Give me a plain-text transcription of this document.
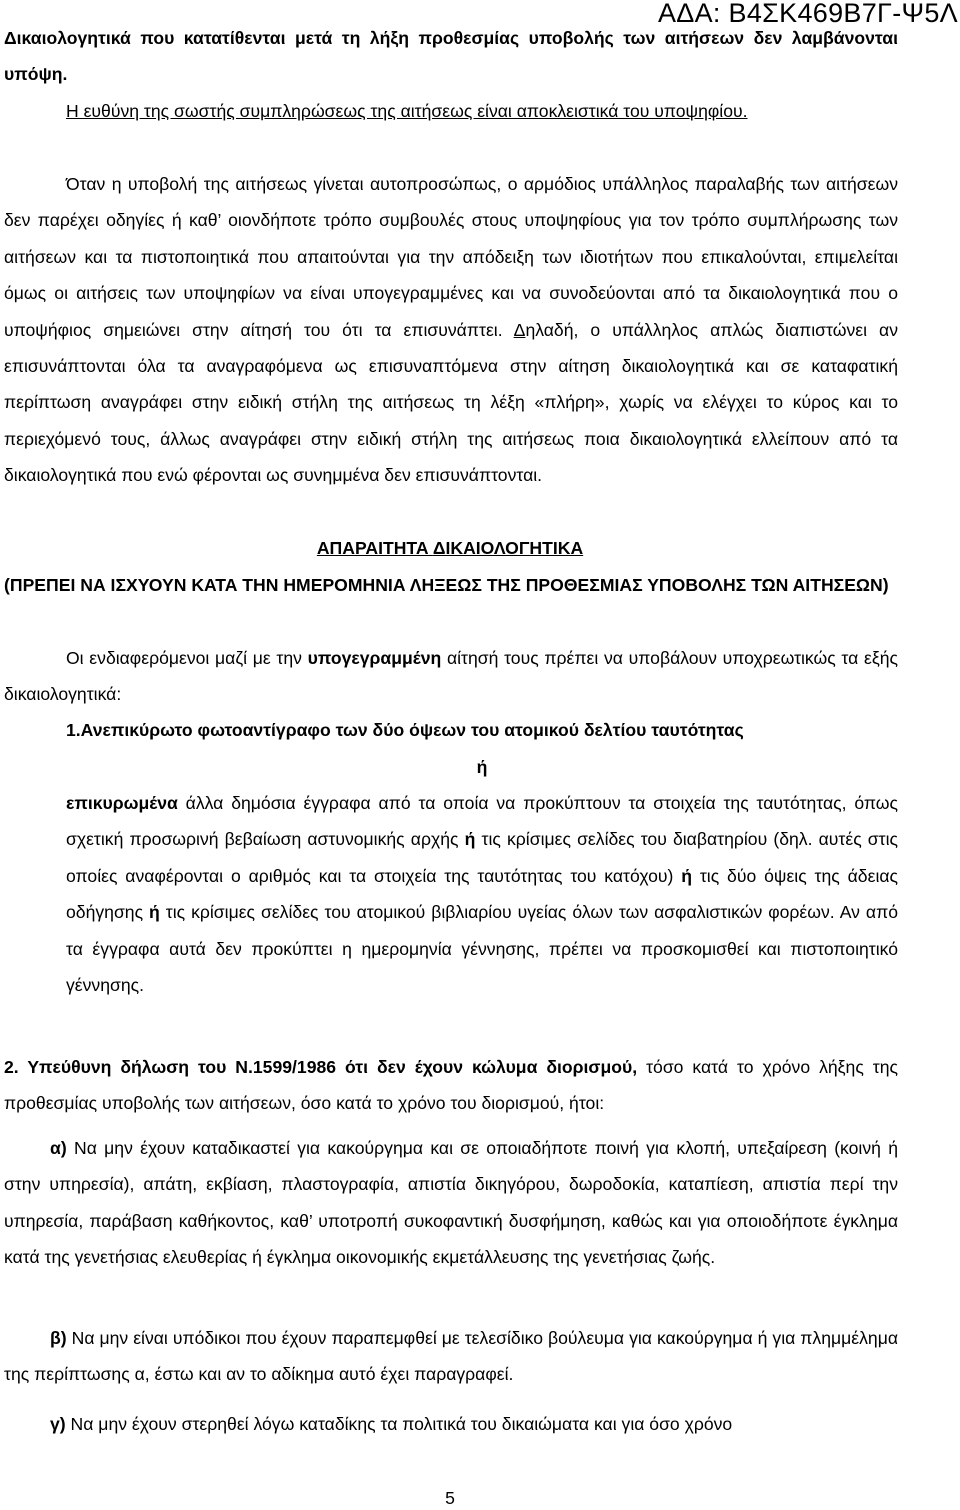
ΑΔΑ: Β4ΣΚ469Β7Γ-Ψ5Λ

Δικαιολογητικά που κατατίθενται μετά τη λήξη προθεσμίας υποβολής των αιτήσεων δεν λαμβάνονται υπόψη.

Η ευθύνη της σωστής συμπληρώσεως της αιτήσεως είναι αποκλειστικά του υποψηφίου.

Όταν η υποβολή της αιτήσεως γίνεται αυτοπροσώπως, ο αρμόδιος υπάλληλος παραλαβής των αιτήσεων δεν παρέχει οδηγίες ή καθ’ οιονδήποτε τρόπο συμβουλές στους υποψηφίους για τον τρόπο συμπλήρωσης των αιτήσεων και τα πιστοποιητικά που απαιτούνται για την απόδειξη των ιδιοτήτων που επικαλούνται, επιμελείται όμως οι αιτήσεις των υποψηφίων να είναι υπογεγραμμένες και να συνοδεύονται από τα δικαιολογητικά που ο υποψήφιος σημειώνει στην αίτησή του ότι τα επισυνάπτει. Δηλαδή, ο υπάλληλος απλώς διαπιστώνει αν επισυνάπτονται όλα τα αναγραφόμενα ως επισυναπτόμενα στην αίτηση δικαιολογητικά και σε καταφατική περίπτωση αναγράφει στην ειδική στήλη της αιτήσεως τη λέξη «πλήρη», χωρίς να ελέγχει το κύρος και το περιεχόμενό τους, άλλως αναγράφει στην ειδική στήλη της αιτήσεως ποια δικαιολογητικά ελλείπουν από τα δικαιολογητικά που ενώ φέρονται ως συνημμένα δεν επισυνάπτονται.

ΑΠΑΡΑΙΤΗΤΑ ΔΙΚΑΙΟΛΟΓΗΤΙΚΑ

(ΠΡΕΠΕΙ ΝΑ ΙΣΧΥΟΥΝ ΚΑΤΑ ΤΗΝ ΗΜΕΡΟΜΗΝΙΑ ΛΗΞΕΩΣ ΤΗΣ ΠΡΟΘΕΣΜΙΑΣ ΥΠΟΒΟΛΗΣ ΤΩΝ ΑΙΤΗΣΕΩΝ)

Οι ενδιαφερόμενοι μαζί με την υπογεγραμμένη αίτησή τους πρέπει να υποβάλουν υποχρεωτικώς τα εξής δικαιολογητικά:

1.Ανεπικύρωτο φωτοαντίγραφο των δύο όψεων του ατομικού δελτίου ταυτότητας

ή

επικυρωμένα άλλα δημόσια έγγραφα από τα οποία να προκύπτουν τα στοιχεία της ταυτότητας, όπως σχετική προσωρινή βεβαίωση αστυνομικής αρχής ή τις κρίσιμες σελίδες του διαβατηρίου (δηλ. αυτές στις οποίες αναφέρονται ο αριθμός και τα στοιχεία της ταυτότητας του κατόχου) ή τις δύο όψεις της άδειας οδήγησης ή τις κρίσιμες σελίδες του ατομικού βιβλιαρίου υγείας όλων των ασφαλιστικών φορέων. Αν από τα έγγραφα αυτά δεν προκύπτει η ημερομηνία γέννησης, πρέπει να προσκομισθεί και πιστοποιητικό γέννησης.

2. Υπεύθυνη δήλωση του Ν.1599/1986 ότι δεν έχουν κώλυμα διορισμού, τόσο κατά το χρόνο λήξης της προθεσμίας υποβολής των αιτήσεων, όσο κατά το χρόνο του διορισμού, ήτοι:

α) Να μην έχουν καταδικαστεί για κακούργημα και σε οποιαδήποτε ποινή για κλοπή, υπεξαίρεση (κοινή ή στην υπηρεσία), απάτη, εκβίαση, πλαστογραφία, απιστία δικηγόρου, δωροδοκία, καταπίεση, απιστία περί την υπηρεσία, παράβαση καθήκοντος, καθ’ υποτροπή συκοφαντική δυσφήμηση, καθώς και για οποιοδήποτε έγκλημα κατά της γενετήσιας ελευθερίας ή έγκλημα οικονομικής εκμετάλλευσης της γενετήσιας ζωής.

β) Να μην είναι υπόδικοι που έχουν παραπεμφθεί με τελεσίδικο βούλευμα για κακούργημα ή για πλημμέλημα της περίπτωσης α, έστω και αν το αδίκημα αυτό έχει παραγραφεί.

γ) Να μην έχουν στερηθεί λόγω καταδίκης τα πολιτικά του δικαιώματα και για όσο χρόνο

5
